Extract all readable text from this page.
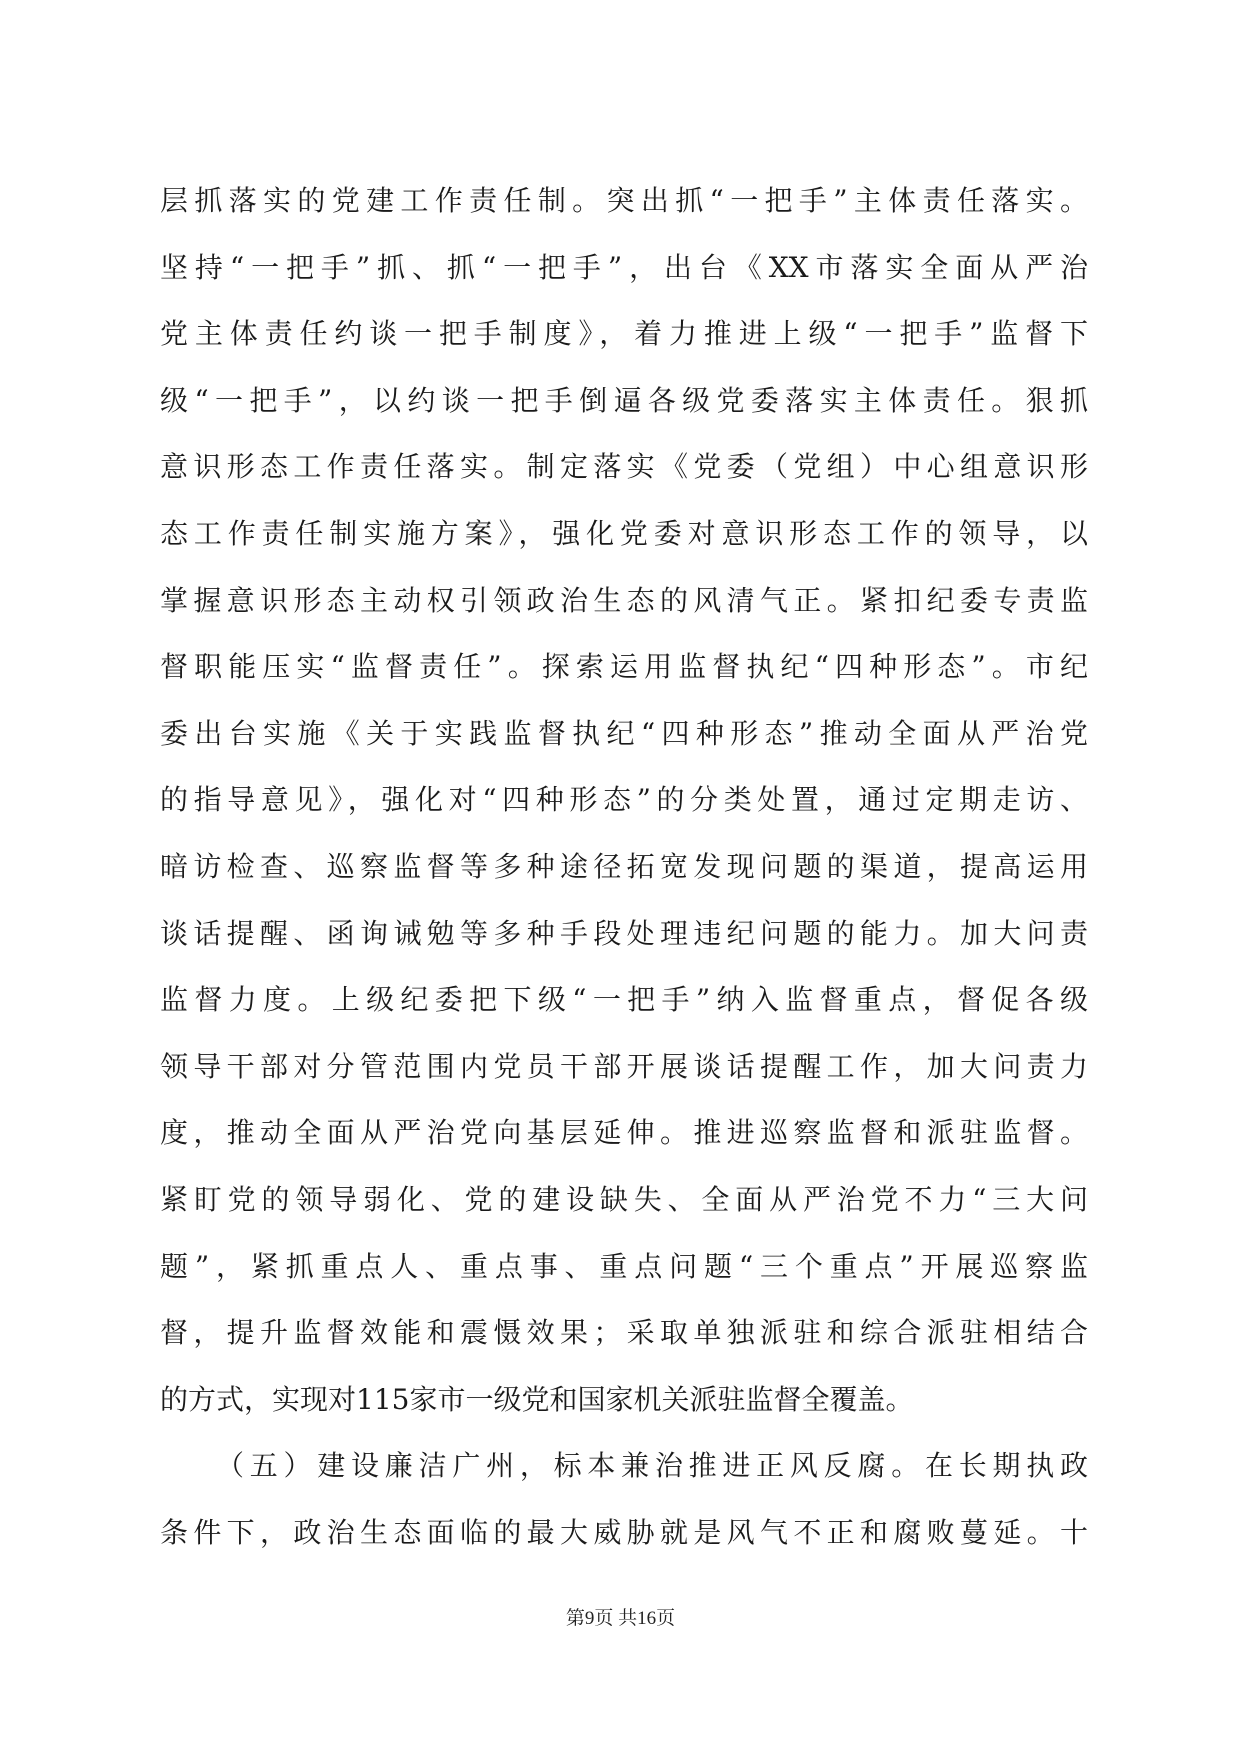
层抓落实的党建工作责任制。突出抓“一把手”主体责任落实。
坚持“一把手”抓、抓“一把手”，出台《XX市落实全面从严治
党主体责任约谈一把手制度》，着力推进上级“一把手”监督下
级“一把手”，以约谈一把手倒逼各级党委落实主体责任。狠抓
意识形态工作责任落实。制定落实《党委（党组）中心组意识形
态工作责任制实施方案》，强化党委对意识形态工作的领导，以
掌握意识形态主动权引领政治生态的风清气正。紧扣纪委专责监
督职能压实“监督责任”。探索运用监督执纪“四种形态”。市纪
委出台实施《关于实践监督执纪“四种形态”推动全面从严治党
的指导意见》，强化对“四种形态”的分类处置，通过定期走访、
暗访检查、巡察监督等多种途径拓宽发现问题的渠道，提高运用
谈话提醒、函询诫勉等多种手段处理违纪问题的能力。加大问责
监督力度。上级纪委把下级“一把手”纳入监督重点，督促各级
领导干部对分管范围内党员干部开展谈话提醒工作，加大问责力
度，推动全面从严治党向基层延伸。推进巡察监督和派驻监督。
紧盯党的领导弱化、党的建设缺失、全面从严治党不力“三大问
题”，紧抓重点人、重点事、重点问题“三个重点”开展巡察监
督，提升监督效能和震慑效果；采取单独派驻和综合派驻相结合
的方式，实现对115家市一级党和国家机关派驻监督全覆盖。
（五）建设廉洁广州，标本兼治推进正风反腐。在长期执政
条件下，政治生态面临的最大威胁就是风气不正和腐败蔓延。十
第9页 共16页
